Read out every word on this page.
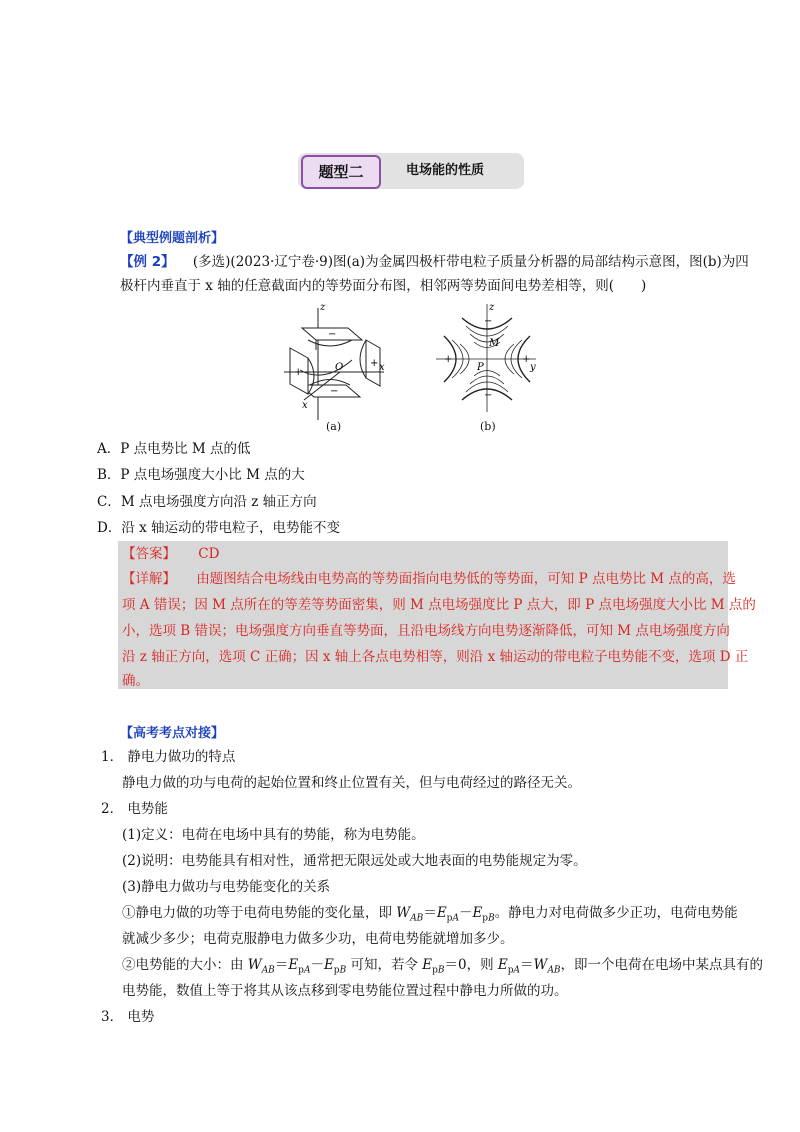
题型二	电场能的性质
【典型例题剖析】
【例 2】 (多选)(2023·辽宁卷·9)图(a)为金属四极杆带电粒子质量分析器的局部结构示意图，图(b)为四
极杆内垂直于 x 轴的任意截面内的等势面分布图，相邻两等势面间电势差相等，则(　　)
z
x
x
O
+
+
−
−
(a)
z
y
M
P
+	+
−
−
(b)
A．P 点电势比 M 点的低
B．P 点电场强度大小比 M 点的大
C．M 点电场强度方向沿 z 轴正方向
D．沿 x 轴运动的带电粒子，电势能不变
【答案】 CD
【详解】 由题图结合电场线由电势高的等势面指向电势低的等势面，可知 P 点电势比 M 点的高，选
项 A 错误；因 M 点所在的等差等势面密集，则 M 点电场强度比 P 点大，即 P 点电场强度大小比 M 点的
小，选项 B 错误；电场强度方向垂直等势面，且沿电场线方向电势逐渐降低，可知 M 点电场强度方向
沿 z 轴正方向，选项 C 正确；因 x 轴上各点电势相等，则沿 x 轴运动的带电粒子电势能不变，选项 D 正
确。
【高考考点对接】
1． 静电力做功的特点
静电力做的功与电荷的起始位置和终止位置有关，但与电荷经过的路径无关。
2． 电势能
(1)定义：电荷在电场中具有的势能，称为电势能。
(2)说明：电势能具有相对性，通常把无限远处或大地表面的电势能规定为零。
(3)静电力做功与电势能变化的关系
①静电力做的功等于电荷电势能的变化量，即 $W_{AB}=E_{pA}-E_{pB}$。静电力对电荷做多少正功，电荷电势能
就减少多少；电荷克服静电力做多少功，电荷电势能就增加多少。
②电势能的大小：由 $W_{AB}=E_{pA}-E_{pB}$ 可知，若令 $E_{pB}=0$，则 $E_{pA}=W_{AB}$，即一个电荷在电场中某点具有的
电势能，数值上等于将其从该点移到零电势能位置过程中静电力所做的功。
3． 电势
